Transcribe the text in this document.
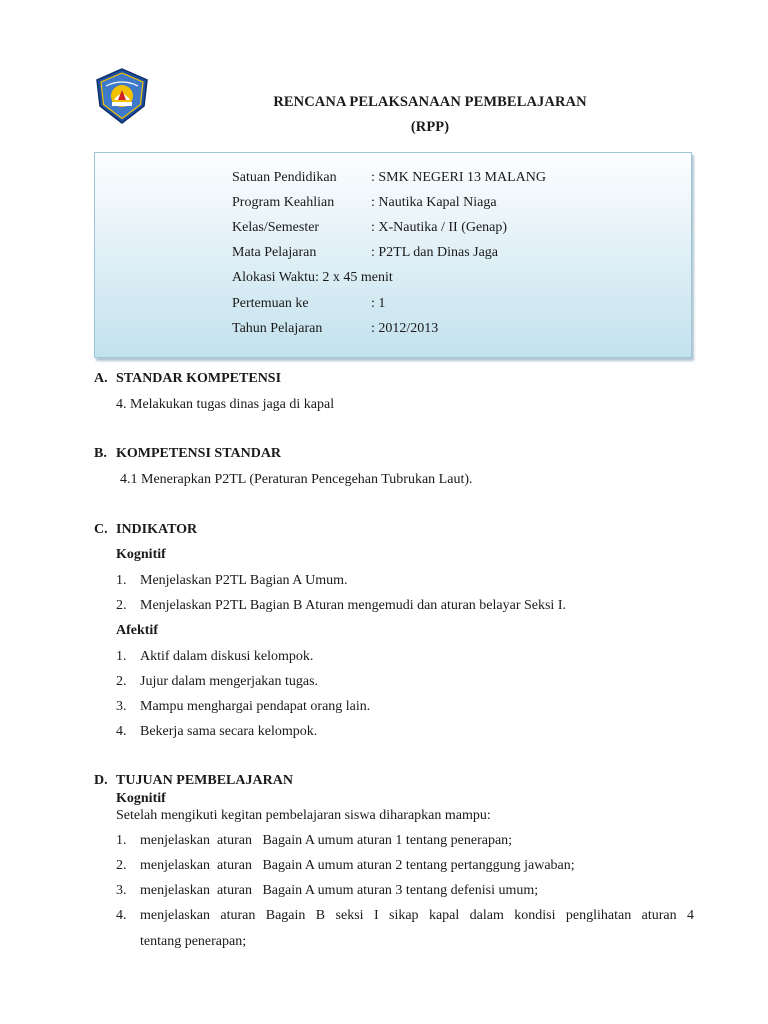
RENCANA PELAKSANAAN PEMBELAJARAN
(RPP)
Satuan Pendidikan : SMK NEGERI 13 MALANG
Program Keahlian	: Nautika Kapal Niaga
Kelas/Semester	: X-Nautika / II (Genap)
Mata Pelajaran	: P2TL dan Dinas Jaga
Alokasi Waktu: 2 x 45 menit
Pertemuan ke	: 1
Tahun Pelajaran	: 2012/2013
A. STANDAR KOMPETENSI
4. Melakukan tugas dinas jaga di kapal
B. KOMPETENSI STANDAR
4.1 Menerapkan P2TL (Peraturan Pencegehan Tubrukan Laut).
C. INDIKATOR
Kognitif
1. Menjelaskan P2TL Bagian A Umum.
2. Menjelaskan P2TL Bagian B Aturan mengemudi dan aturan belayar Seksi I.
Afektif
1. Aktif dalam diskusi kelompok.
2. Jujur dalam mengerjakan tugas.
3. Mampu menghargai pendapat orang lain.
4. Bekerja sama secara kelompok.
D. TUJUAN PEMBELAJARAN
Kognitif
Setelah mengikuti kegitan pembelajaran siswa diharapkan mampu:
1. menjelaskan  aturan   Bagain A umum aturan 1 tentang penerapan;
2. menjelaskan  aturan   Bagain A umum aturan 2 tentang pertanggung jawaban;
3. menjelaskan  aturan   Bagain A umum aturan 3 tentang defenisi umum;
4. menjelaskan aturan Bagain B seksi I sikap kapal dalam kondisi penglihatan aturan 4
tentang penerapan;
